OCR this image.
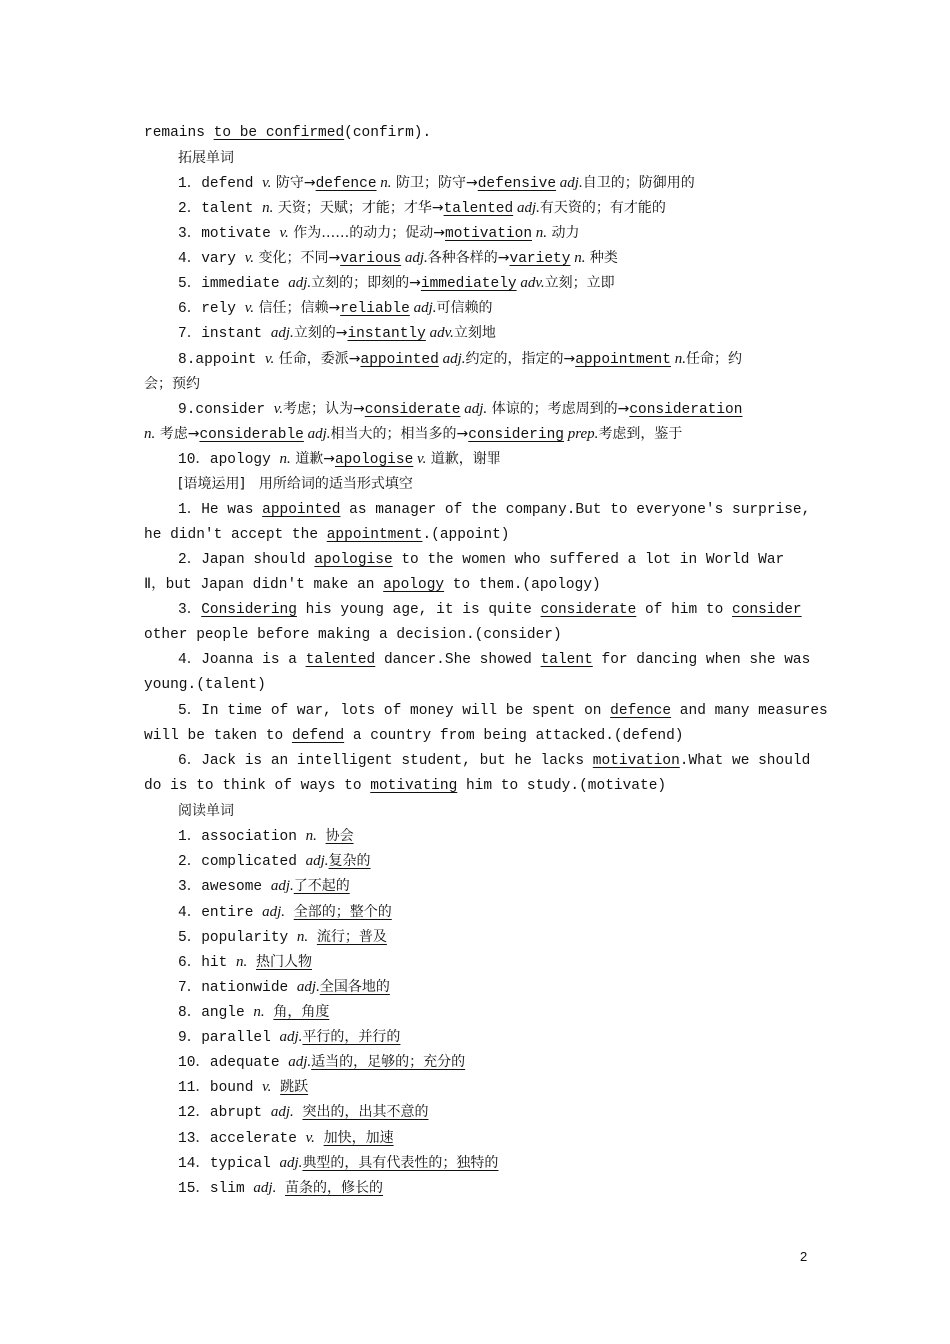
remains to be confirmed(confirm).
拓展单词
1．defend v. 防守→defence n. 防卫；防守→defensive adj.自卫的；防御用的
2．talent n. 天资；天赋；才能；才华→talented adj.有天资的；有才能的
3．motivate v. 作为……的动力；促动→motivation n. 动力
4．vary v. 变化；不同→various adj.各种各样的→variety n. 种类
5．immediate adj.立刻的；即刻的→immediately adv.立刻；立即
6．rely v. 信任；信赖→reliable adj.可信赖的
7．instant adj.立刻的→instantly adv.立刻地
8.appoint v. 任命，委派→appointed adj.约定的，指定的→appointment n.任命；约
会；预约
9.consider v.考虑；认为→considerate adj. 体谅的；考虑周到的→consideration
n. 考虑→considerable adj.相当大的；相当多的→considering prep.考虑到，鉴于
10．apology n. 道歉→apologise v. 道歉，谢罪
[语境运用]　用所给词的适当形式填空
1．He was appointed as manager of the company.But to everyone's surprise,
he didn't accept the appointment.(appoint)
2．Japan should apologise to the women who suffered a lot in World War
Ⅱ，but Japan didn't make an apology to them.(apology)
3．Considering his young age, it is quite considerate of him to consider
other people before making a decision.(consider)
4．Joanna is a talented dancer.She showed talent for dancing when she was
young.(talent)
5．In time of war, lots of money will be spent on defence and many measures
will be taken to defend a country from being attacked.(defend)
6．Jack is an intelligent student, but he lacks motivation.What we should
do is to think of ways to motivating him to study.(motivate)
阅读单词
1．association n. 协会
2．complicated adj.复杂的
3．awesome adj.了不起的
4．entire adj. 全部的；整个的
5．popularity n. 流行；普及
6．hit n. 热门人物
7．nationwide adj.全国各地的
8．angle n. 角，角度
9．parallel adj.平行的，并行的
10．adequate adj.适当的，足够的；充分的
11．bound v. 跳跃
12．abrupt adj. 突出的，出其不意的
13．accelerate v. 加快，加速
14．typical adj.典型的，具有代表性的；独特的
15．slim adj. 苗条的，修长的
2
